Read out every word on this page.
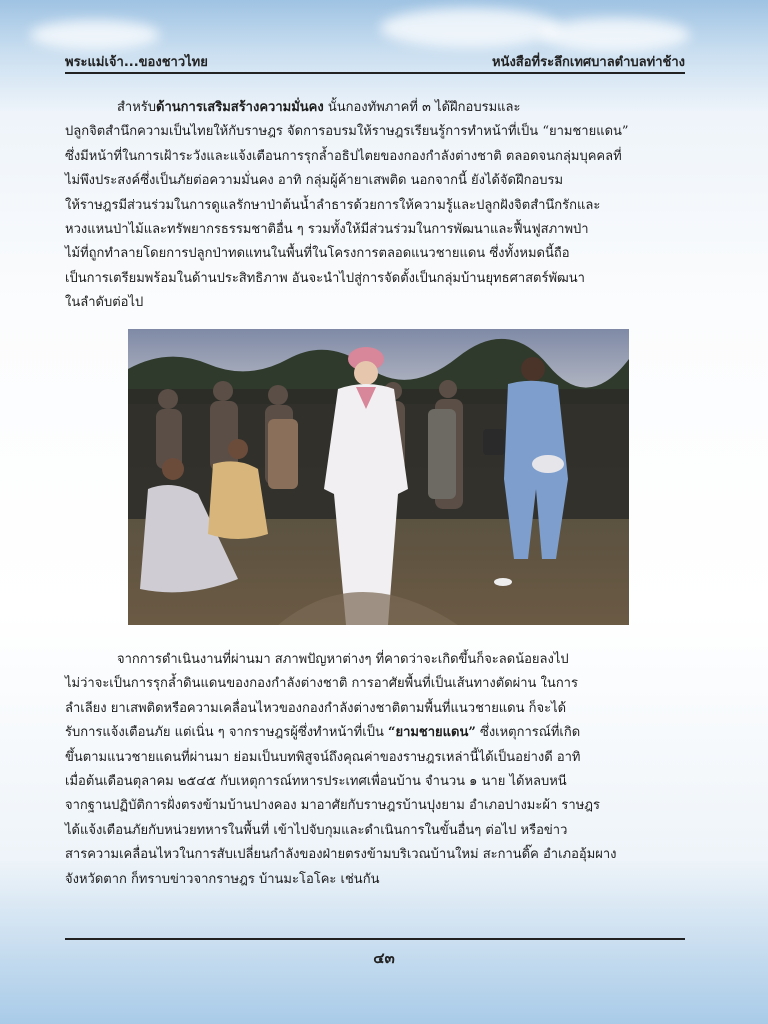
พระแม่เจ้า...ของชาวไทย	หนังสือที่ระลึกเทศบาลตำบลท่าช้าง

สำหรับด้านการเสริมสร้างความมั่นคง นั้นกองทัพภาคที่ ๓ ได้ฝึกอบรมและ
ปลูกจิตสำนึกความเป็นไทยให้กับราษฎร จัดการอบรมให้ราษฎรเรียนรู้การทำหน้าที่เป็น “ยามชายแดน”
ซึ่งมีหน้าที่ในการเฝ้าระวังและแจ้งเตือนการรุกล้ำอธิปไตยของกองกำลังต่างชาติ ตลอดจนกลุ่มบุคคลที่
ไม่พึงประสงค์ซึ่งเป็นภัยต่อความมั่นคง อาทิ กลุ่มผู้ค้ายาเสพติด นอกจากนี้ ยังได้จัดฝึกอบรม
ให้ราษฎรมีส่วนร่วมในการดูแลรักษาป่าต้นน้ำลำธารด้วยการให้ความรู้และปลูกฝังจิตสำนึกรักและ
หวงแหนป่าไม้และทรัพยากรธรรมชาติอื่น ๆ รวมทั้งให้มีส่วนร่วมในการพัฒนาและฟื้นฟูสภาพป่า
ไม้ที่ถูกทำลายโดยการปลูกป่าทดแทนในพื้นที่ในโครงการตลอดแนวชายแดน ซึ่งทั้งหมดนี้ถือ
เป็นการเตรียมพร้อมในด้านประสิทธิภาพ อันจะนำไปสู่การจัดตั้งเป็นกลุ่มบ้านยุทธศาสตร์พัฒนา
ในลำดับต่อไป

จากการดำเนินงานที่ผ่านมา สภาพปัญหาต่างๆ ที่คาดว่าจะเกิดขึ้นก็จะลดน้อยลงไป
ไม่ว่าจะเป็นการรุกล้ำดินแดนของกองกำลังต่างชาติ การอาศัยพื้นที่เป็นเส้นทางตัดผ่าน ในการ
ลำเลียง ยาเสพติดหรือความเคลื่อนไหวของกองกำลังต่างชาติตามพื้นที่แนวชายแดน ก็จะได้
รับการแจ้งเตือนภัย แต่เนิ่น ๆ จากราษฎรผู้ซึ่งทำหน้าที่เป็น “ยามชายแดน” ซึ่งเหตุการณ์ที่เกิด
ขึ้นตามแนวชายแดนที่ผ่านมา ย่อมเป็นบทพิสูจน์ถึงคุณค่าของราษฎรเหล่านี้ได้เป็นอย่างดี อาทิ
เมื่อต้นเดือนตุลาคม ๒๕๔๕ กับเหตุการณ์ทหารประเทศเพื่อนบ้าน จำนวน ๑ นาย ได้หลบหนี
จากฐานปฏิบัติการฝั่งตรงข้ามบ้านปางคอง มาอาศัยกับราษฎรบ้านปุงยาม อำเภอปางมะผ้า ราษฎร
ได้แจ้งเตือนภัยกับหน่วยทหารในพื้นที่ เข้าไปจับกุมและดำเนินการในขั้นอื่นๆ ต่อไป หรือข่าว
สารความเคลื่อนไหวในการสับเปลี่ยนกำลังของฝ่ายตรงข้ามบริเวณบ้านใหม่ สะกานดิ๊ค อำเภออุ้มผาง
จังหวัดตาก ก็ทราบข่าวจากราษฎร บ้านมะโอโคะ เช่นกัน

๔๓
